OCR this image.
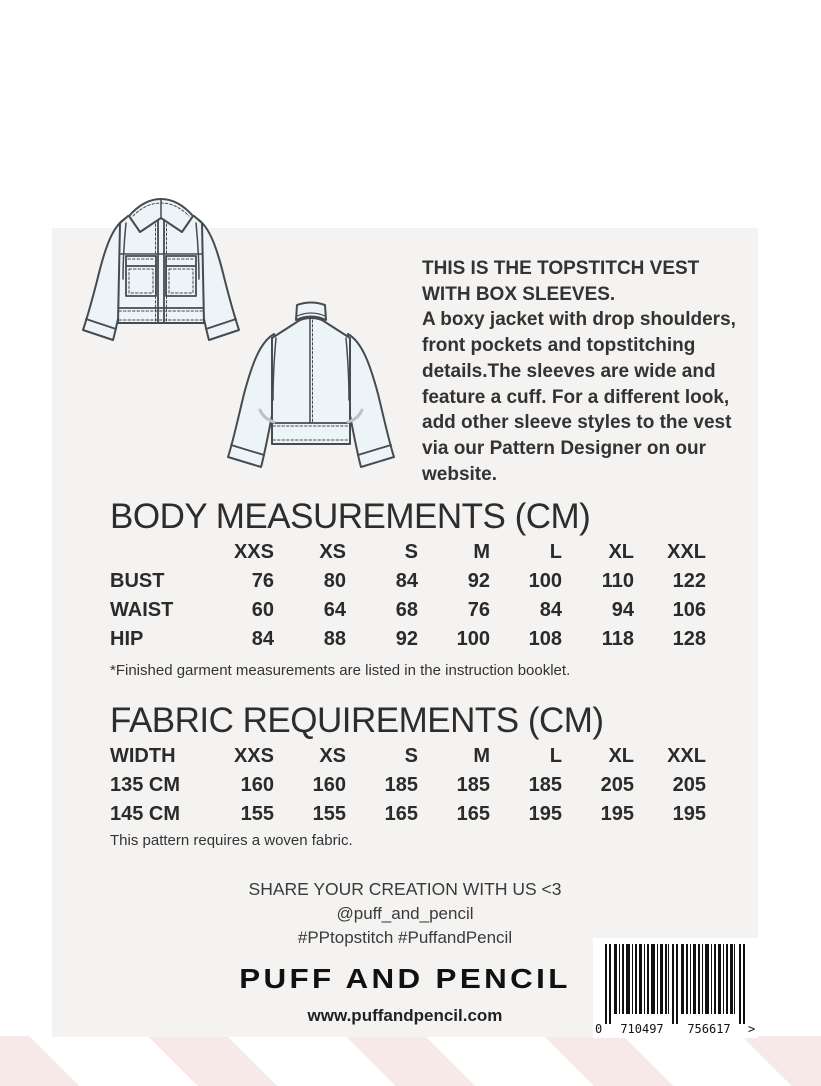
THIS IS THE TOPSTITCH VEST
WITH BOX SLEEVES.
A boxy jacket with drop shoulders, front pockets and topstitching details.The sleeves are wide and feature a cuff. For a different look, add other sleeve styles to the vest via our Pattern Designer on our website.
BODY MEASUREMENTS (CM)
XXS	XS	S	M	L	XL	XXL
BUST	76	80	84	92	100	110	122
WAIST	60	64	68	76	84	94	106
HIP	84	88	92	100	108	118	128
*Finished garment measurements are listed in the instruction booklet.
FABRIC REQUIREMENTS (CM)
WIDTH	XXS	XS	S	M	L	XL	XXL
135 CM	160	160	185	185	185	205	205
145 CM	155	155	165	165	195	195	195
This pattern requires a woven fabric.
SHARE YOUR CREATION WITH US <3
@puff_and_pencil
#PPtopstitch #PuffandPencil
PUFF AND PENCIL
www.puffandpencil.com
0 710497 756617 >
